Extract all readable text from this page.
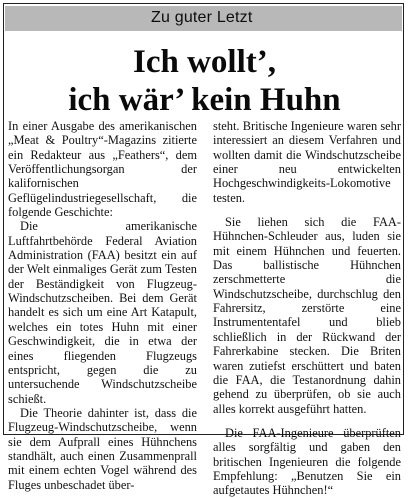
Zu guter Letzt
Ich wollt’,
ich wär’ kein Huhn

In einer Ausgabe des amerikanischen „Meat & Poultry“-Magazins zitierte ein Redakteur aus „Feathers“, dem Veröffentlichungsorgan der kalifornischen Geflügelindustriegesellschaft, die folgende Geschichte:

Die amerikanische Luftfahrtbehörde Federal Aviation Administration (FAA) besitzt ein auf der Welt einmaliges Gerät zum Testen der Beständigkeit von Flugzeug-Windschutzscheiben. Bei dem Gerät handelt es sich um eine Art Katapult, welches ein totes Huhn mit einer Geschwindigkeit, die in etwa der eines fliegenden Flugzeugs entspricht, gegen die zu untersuchende Windschutzscheibe schießt.

Die Theorie dahinter ist, dass die Flugzeug-Windschutzscheibe, wenn sie dem Aufprall eines Hühnchens standhält, auch einen Zusammenprall mit einem echten Vogel während des Fluges unbeschadet über-

steht. Britische Ingenieure waren sehr interessiert an diesem Verfahren und wollten damit die Windschutzscheibe einer neu entwickelten Hochgeschwindigkeits-Lokomotive testen.

Sie liehen sich die FAA-Hühnchen-Schleuder aus, luden sie mit einem Hühnchen und feuerten. Das ballistische Hühnchen zerschmetterte die Windschutzscheibe, durchschlug den Fahrersitz, zerstörte eine Instrumententafel und blieb schließlich in der Rückwand der Fahrerkabine stecken. Die Briten waren zutiefst erschüttert und baten die FAA, die Testanordnung dahin gehend zu überprüfen, ob sie auch alles korrekt ausgeführt hatten.

Die FAA-Ingenieure überprüften alles sorgfältig und gaben den britischen Ingenieuren die folgende Empfehlung: „Benutzen Sie ein aufgetautes Hühnchen!“
